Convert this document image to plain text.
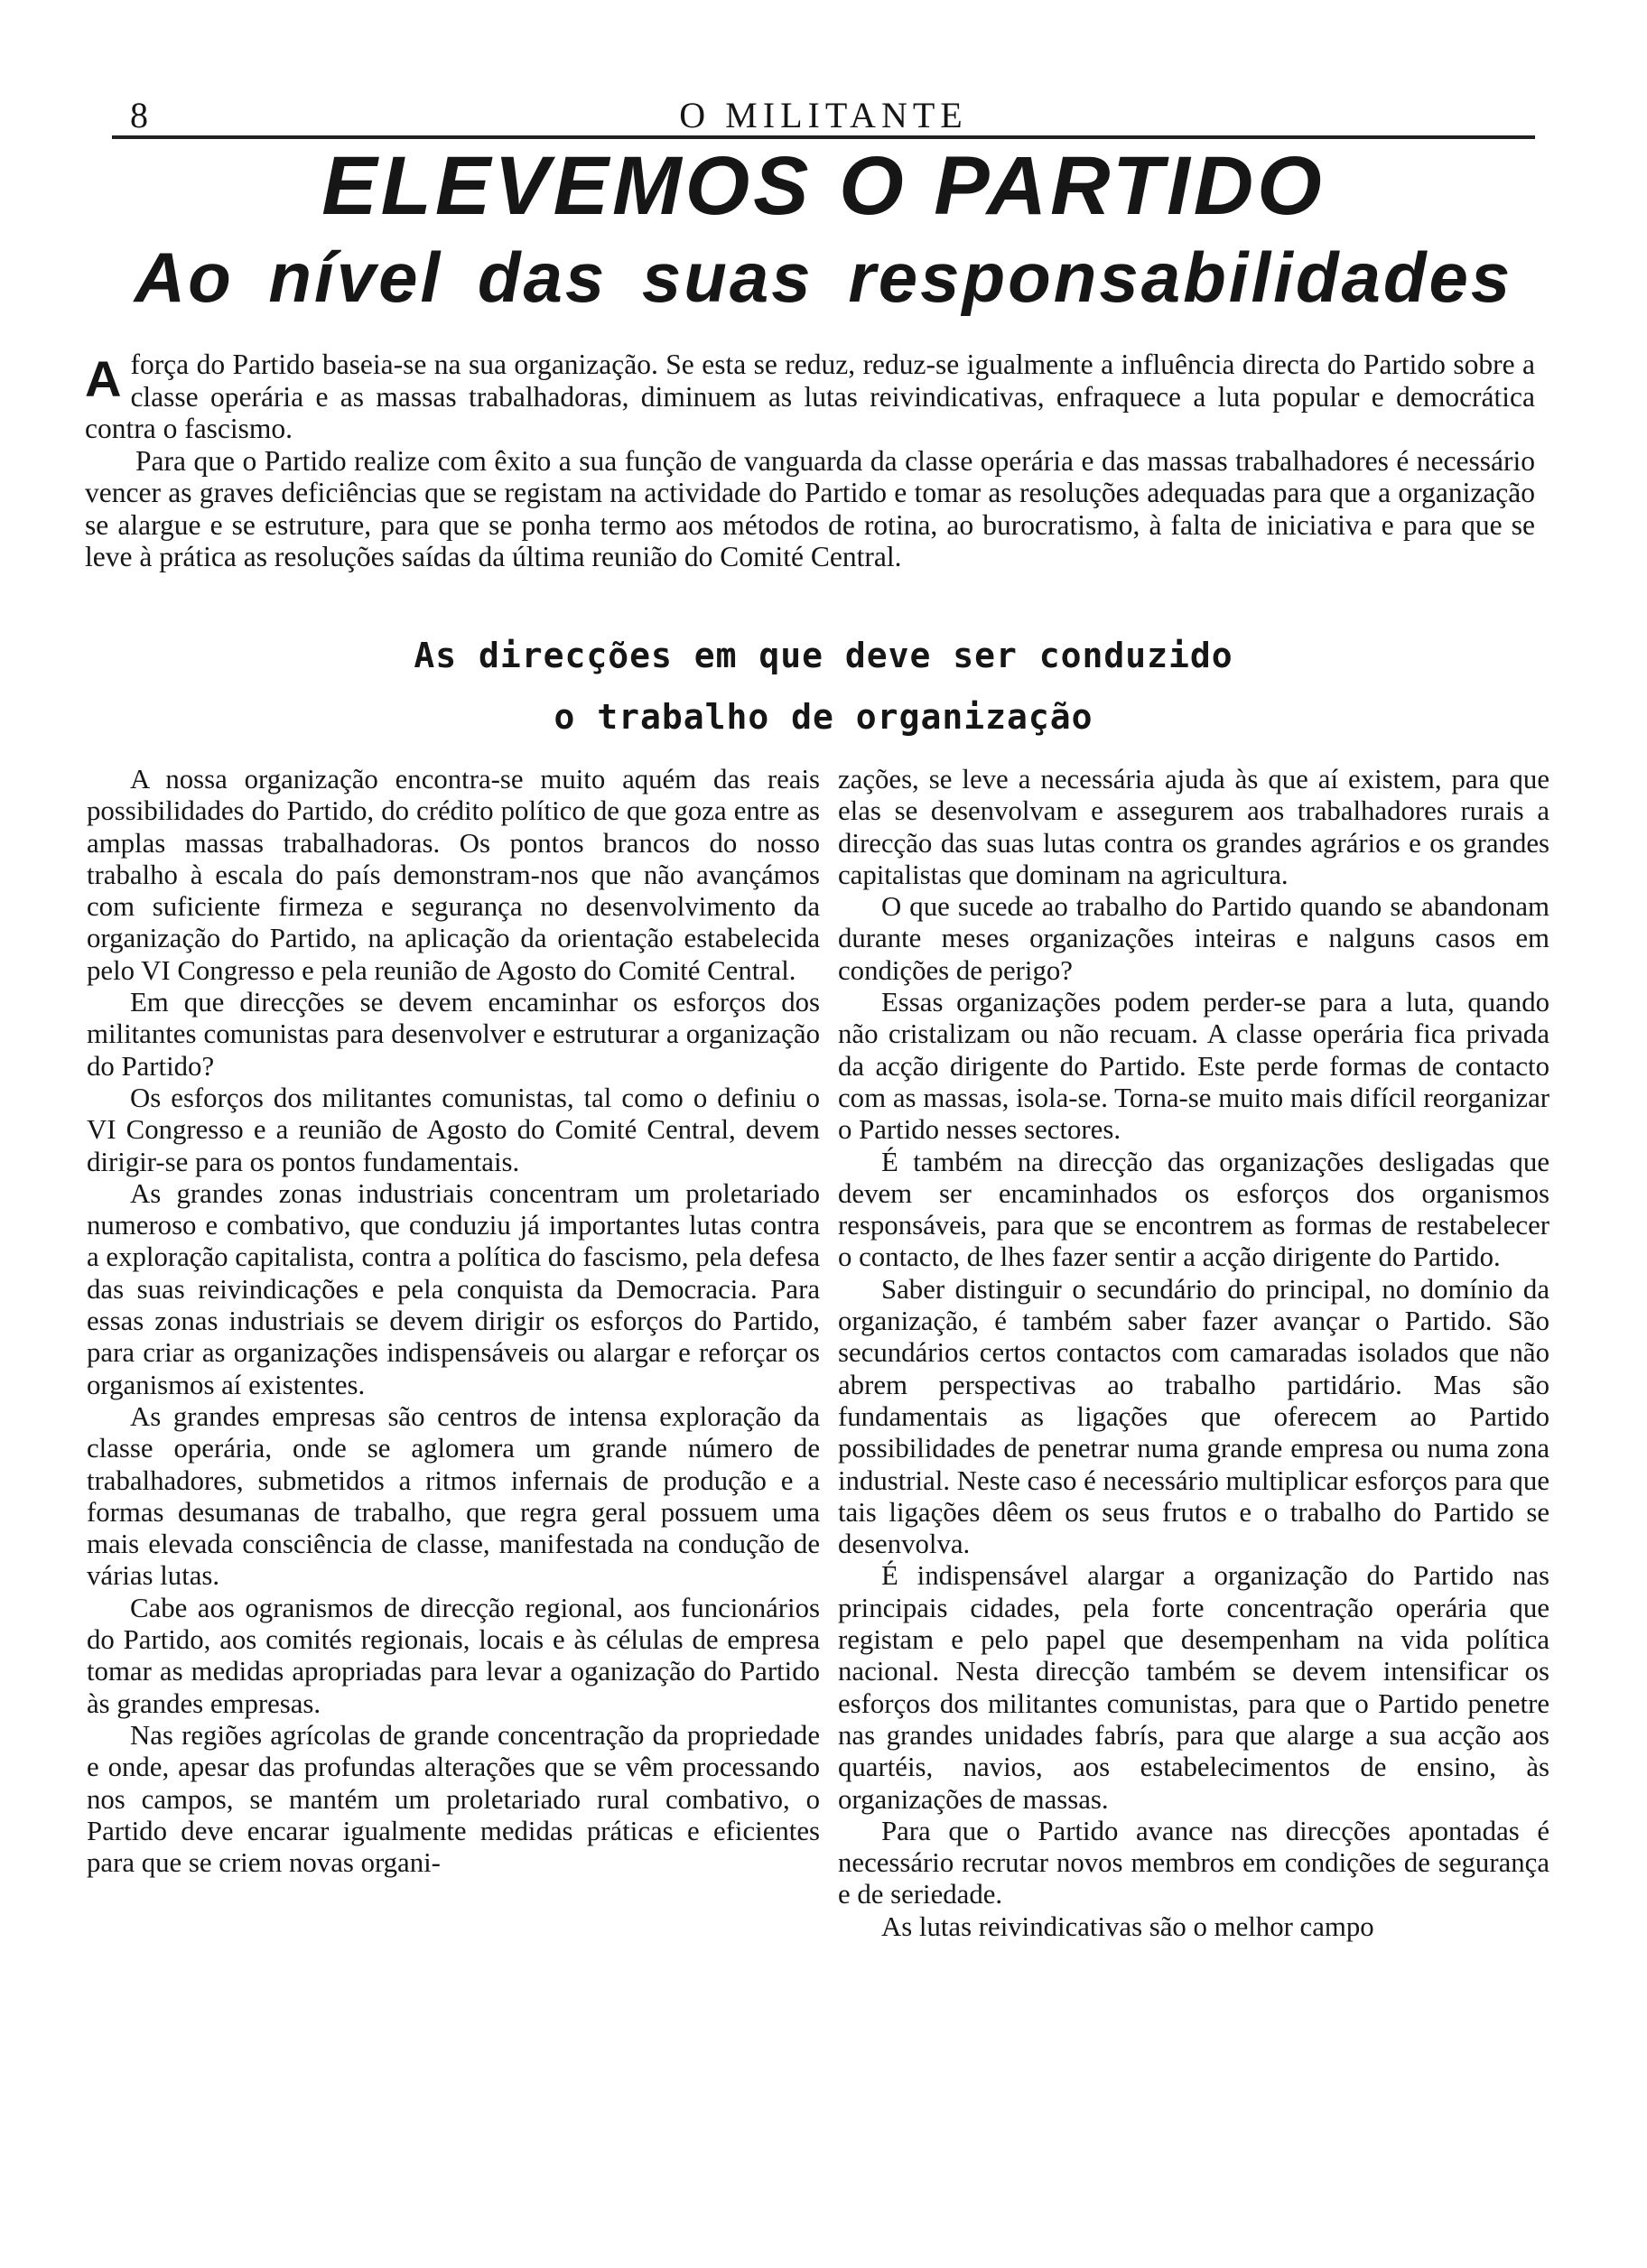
8	O MILITANTE
ELEVEMOS O PARTIDO
Ao nível das suas responsabilidades

Aforça do Partido baseia-se na sua organização. Se esta se reduz, reduz-se igualmente a influência directa do Partido sobre a classe operária e as massas trabalhadoras, diminuem as lutas reivindicativas, enfraquece a luta popular e democrática contra o fascismo.

Para que o Partido realize com êxito a sua função de vanguarda da classe operária e das massas trabalhadores é necessário vencer as graves deficiências que se registam na actividade do Partido e tomar as resoluções adequadas para que a organização se alargue e se estruture, para que se ponha termo aos métodos de rotina, ao burocratismo, à falta de iniciativa e para que se leve à prática as resoluções saídas da última reunião do Comité Central.

As direcções em que deve ser conduzido
o trabalho de organização

A nossa organização encontra-se muito aquém das reais possibilidades do Partido, do crédito político de que goza entre as amplas massas trabalhadoras. Os pontos brancos do nosso trabalho à escala do país demonstram-nos que não avançámos com suficiente firmeza e segurança no desenvolvimento da organização do Partido, na aplicação da orientação estabelecida pelo VI Congresso e pela reunião de Agosto do Comité Central.

Em que direcções se devem encaminhar os esforços dos militantes comunistas para desenvolver e estruturar a organização do Partido?

Os esforços dos militantes comunistas, tal como o definiu o VI Congresso e a reunião de Agosto do Comité Central, devem dirigir-se para os pontos fundamentais.

As grandes zonas industriais concentram um proletariado numeroso e combativo, que conduziu já importantes lutas contra a exploração capitalista, contra a política do fascismo, pela defesa das suas reivindicações e pela conquista da Democracia. Para essas zonas industriais se devem dirigir os esforços do Partido, para criar as organizações indispensáveis ou alargar e reforçar os organismos aí existentes.

As grandes empresas são centros de intensa exploração da classe operária, onde se aglomera um grande número de trabalhadores, submetidos a ritmos infernais de produção e a formas desumanas de trabalho, que regra geral possuem uma mais elevada consciência de classe, manifestada na condução de várias lutas.

Cabe aos ogranismos de direcção regional, aos funcionários do Partido, aos comités regionais, locais e às células de empresa tomar as medidas apropriadas para levar a oganização do Partido às grandes empresas.

Nas regiões agrícolas de grande concentração da propriedade e onde, apesar das profundas alterações que se vêm processando nos campos, se mantém um proletariado rural combativo, o Partido deve encarar igualmente medidas práticas e eficientes para que se criem novas organi-

zações, se leve a necessária ajuda às que aí existem, para que elas se desenvolvam e assegurem aos trabalhadores rurais a direcção das suas lutas contra os grandes agrários e os grandes capitalistas que dominam na agricultura.

O que sucede ao trabalho do Partido quando se abandonam durante meses organizações inteiras e nalguns casos em condições de perigo?

Essas organizações podem perder-se para a luta, quando não cristalizam ou não recuam. A classe operária fica privada da acção dirigente do Partido. Este perde formas de contacto com as massas, isola-se. Torna-se muito mais difícil reorganizar o Partido nesses sectores.

É também na direcção das organizações desligadas que devem ser encaminhados os esforços dos organismos responsáveis, para que se encontrem as formas de restabelecer o contacto, de lhes fazer sentir a acção dirigente do Partido.

Saber distinguir o secundário do principal, no domínio da organização, é também saber fazer avançar o Partido. São secundários certos contactos com camaradas isolados que não abrem perspectivas ao trabalho partidário. Mas são fundamentais as ligações que oferecem ao Partido possibilidades de penetrar numa grande empresa ou numa zona industrial. Neste caso é necessário multiplicar esforços para que tais ligações dêem os seus frutos e o trabalho do Partido se desenvolva.

É indispensável alargar a organização do Partido nas principais cidades, pela forte concentração operária que registam e pelo papel que desempenham na vida política nacional. Nesta direcção também se devem intensificar os esforços dos militantes comunistas, para que o Partido penetre nas grandes unidades fabrís, para que alarge a sua acção aos quartéis, navios, aos estabelecimentos de ensino, às organizações de massas.

Para que o Partido avance nas direcções apontadas é necessário recrutar novos membros em condições de segurança e de seriedade.

As lutas reivindicativas são o melhor campo
